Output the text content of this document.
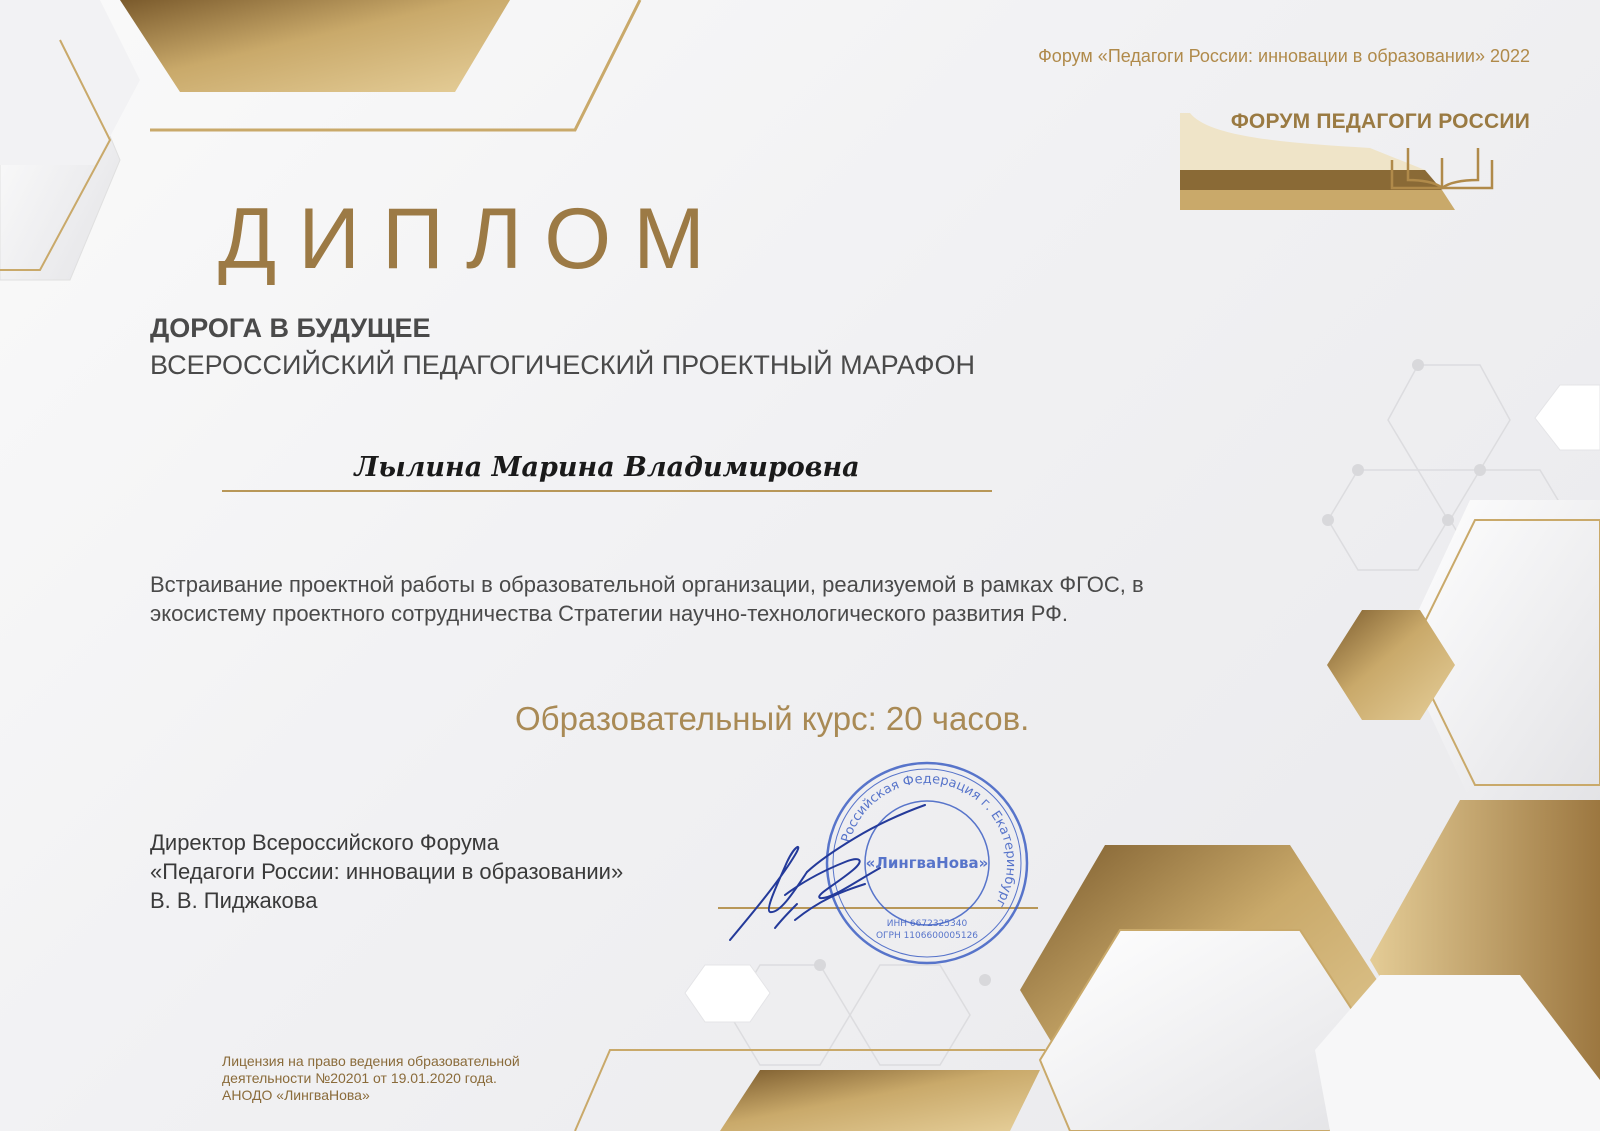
Форум «Педагоги России: инновации в образовании» 2022
ФОРУМ ПЕДАГОГИ РОССИИ
ДИПЛОМ
ДОРОГА В БУДУЩЕЕ
ВСЕРОССИЙСКИЙ ПЕДАГОГИЧЕСКИЙ ПРОЕКТНЫЙ МАРАФОН
Лылина Марина Владимировна
Встраивание проектной работы в образовательной организации, реализуемой в рамках ФГОС, в экосистему проектного сотрудничества Стратегии научно-технологического развития РФ.
Образовательный курс: 20 часов.
Директор Всероссийского Форума
«Педагоги России: инновации в образовании»
В. В. Пиджакова
Российская Федерация г. Екатеринбург
«ЛингваНова»
ИНН 6672325340
ОГРН 1106600005126
Лицензия на право ведения образовательной
деятельности №20201 от 19.01.2020 года.
АНОДО «ЛингваНова»
